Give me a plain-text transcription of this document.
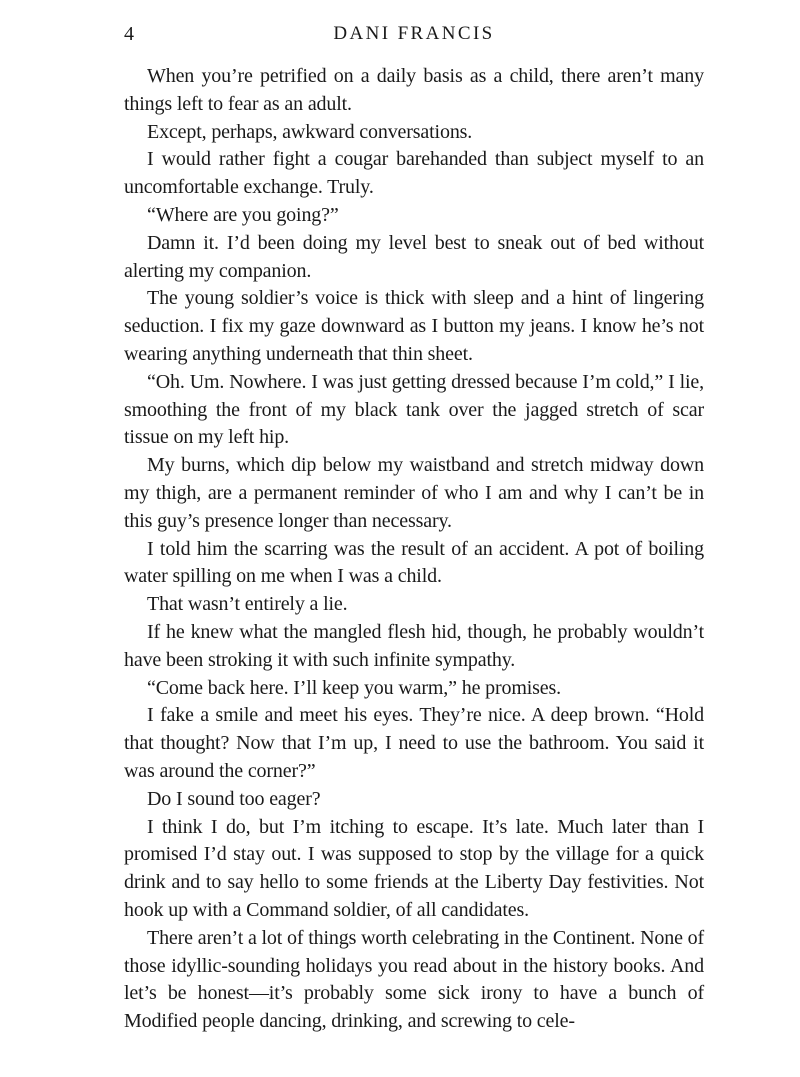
4	DANI FRANCIS

When you’re petrified on a daily basis as a child, there aren’t many things left to fear as an adult.

Except, perhaps, awkward conversations.

I would rather fight a cougar barehanded than subject myself to an uncomfortable exchange. Truly.

“Where are you going?”

Damn it. I’d been doing my level best to sneak out of bed without alerting my companion.

The young soldier’s voice is thick with sleep and a hint of lingering seduction. I fix my gaze downward as I button my jeans. I know he’s not wearing anything underneath that thin sheet.

“Oh. Um. Nowhere. I was just getting dressed because I’m cold,” I lie, smoothing the front of my black tank over the jagged stretch of scar tissue on my left hip.

My burns, which dip below my waistband and stretch midway down my thigh, are a permanent reminder of who I am and why I can’t be in this guy’s presence longer than necessary.

I told him the scarring was the result of an accident. A pot of boiling water spilling on me when I was a child.

That wasn’t entirely a lie.

If he knew what the mangled flesh hid, though, he probably wouldn’t have been stroking it with such infinite sympathy.

“Come back here. I’ll keep you warm,” he promises.

I fake a smile and meet his eyes. They’re nice. A deep brown. “Hold that thought? Now that I’m up, I need to use the bathroom. You said it was around the corner?”

Do I sound too eager?

I think I do, but I’m itching to escape. It’s late. Much later than I promised I’d stay out. I was supposed to stop by the village for a quick drink and to say hello to some friends at the Liberty Day festivities. Not hook up with a Command soldier, of all candidates.

There aren’t a lot of things worth celebrating in the Continent. None of those idyllic-sounding holidays you read about in the history books. And let’s be honest—it’s probably some sick irony to have a bunch of Modified people dancing, drinking, and screwing to cele-
